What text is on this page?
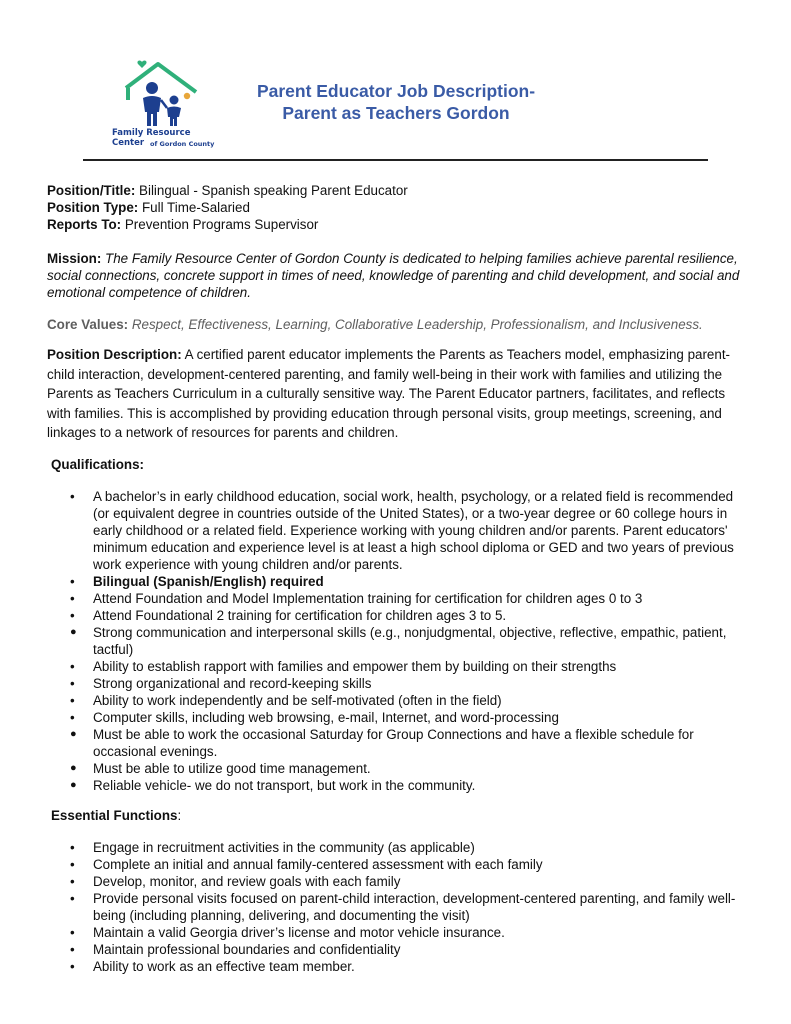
Family Resource Center of Gordon County
Parent Educator Job Description-
Parent as Teachers Gordon

Position/Title: Bilingual - Spanish speaking Parent Educator

Position Type: Full Time-Salaried

Reports To: Prevention Programs Supervisor

Mission: The Family Resource Center of Gordon County is dedicated to helping families achieve parental resilience, social connections, concrete support in times of need, knowledge of parenting and child development, and social and emotional competence of children.

Core Values: Respect, Effectiveness, Learning, Collaborative Leadership, Professionalism, and Inclusiveness.

Position Description: A certified parent educator implements the Parents as Teachers model, emphasizing parent-child interaction, development-centered parenting, and family well-being in their work with families and utilizing the Parents as Teachers Curriculum in a culturally sensitive way. The Parent Educator partners, facilitates, and reflects with families. This is accomplished by providing education through personal visits, group meetings, screening, and linkages to a network of resources for parents and children.

Qualifications:

• A bachelor’s in early childhood education, social work, health, psychology, or a related field is recommended (or equivalent degree in countries outside of the United States), or a two-year degree or 60 college hours in early childhood or a related field. Experience working with young children and/or parents. Parent educators' minimum education and experience level is at least a high school diploma or GED and two years of previous work experience with young children and/or parents.
• Bilingual (Spanish/English) required
• Attend Foundation and Model Implementation training for certification for children ages 0 to 3
• Attend Foundational 2 training for certification for children ages 3 to 5.
● Strong communication and interpersonal skills (e.g., nonjudgmental, objective, reflective, empathic, patient, tactful)
• Ability to establish rapport with families and empower them by building on their strengths
• Strong organizational and record-keeping skills
• Ability to work independently and be self-motivated (often in the field)
• Computer skills, including web browsing, e-mail, Internet, and word-processing
● Must be able to work the occasional Saturday for Group Connections and have a flexible schedule for occasional evenings.
● Must be able to utilize good time management.
● Reliable vehicle- we do not transport, but work in the community.

Essential Functions:

• Engage in recruitment activities in the community (as applicable)
• Complete an initial and annual family-centered assessment with each family
• Develop, monitor, and review goals with each family
• Provide personal visits focused on parent-child interaction, development-centered parenting, and family well-being (including planning, delivering, and documenting the visit)
• Maintain a valid Georgia driver’s license and motor vehicle insurance.
• Maintain professional boundaries and confidentiality
• Ability to work as an effective team member.
